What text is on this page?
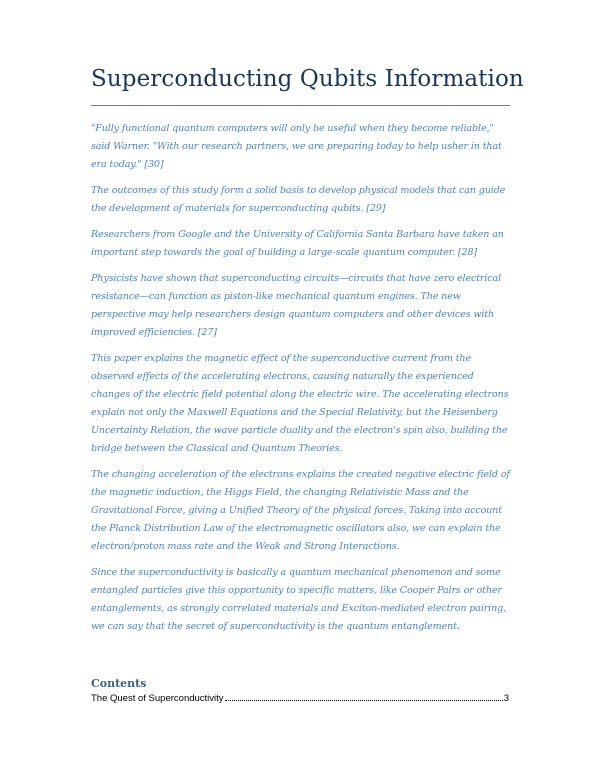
Superconducting Qubits Information

"Fully functional quantum computers will only be useful when they become reliable," said Warner. "With our research partners, we are preparing today to help usher in that era today." [30]

The outcomes of this study form a solid basis to develop physical models that can guide the development of materials for superconducting qubits. [29]

Researchers from Google and the University of California Santa Barbara have taken an important step towards the goal of building a large-scale quantum computer. [28]

Physicists have shown that superconducting circuits—circuits that have zero electrical resistance—can function as piston-like mechanical quantum engines. The new perspective may help researchers design quantum computers and other devices with improved efficiencies. [27]

This paper explains the magnetic effect of the superconductive current from the observed effects of the accelerating electrons, causing naturally the experienced changes of the electric field potential along the electric wire. The accelerating electrons explain not only the Maxwell Equations and the Special Relativity, but the Heisenberg Uncertainty Relation, the wave particle duality and the electron's spin also, building the bridge between the Classical and Quantum Theories.

The changing acceleration of the electrons explains the created negative electric field of the magnetic induction, the Higgs Field, the changing Relativistic Mass and the Gravitational Force, giving a Unified Theory of the physical forces. Taking into account the Planck Distribution Law of the electromagnetic oscillators also, we can explain the electron/proton mass rate and the Weak and Strong Interactions.

Since the superconductivity is basically a quantum mechanical phenomenon and some entangled particles give this opportunity to specific matters, like Cooper Pairs or other entanglements, as strongly correlated materials and Exciton-mediated electron pairing, we can say that the secret of superconductivity is the quantum entanglement.

Contents
The Quest of Superconductivity	3
